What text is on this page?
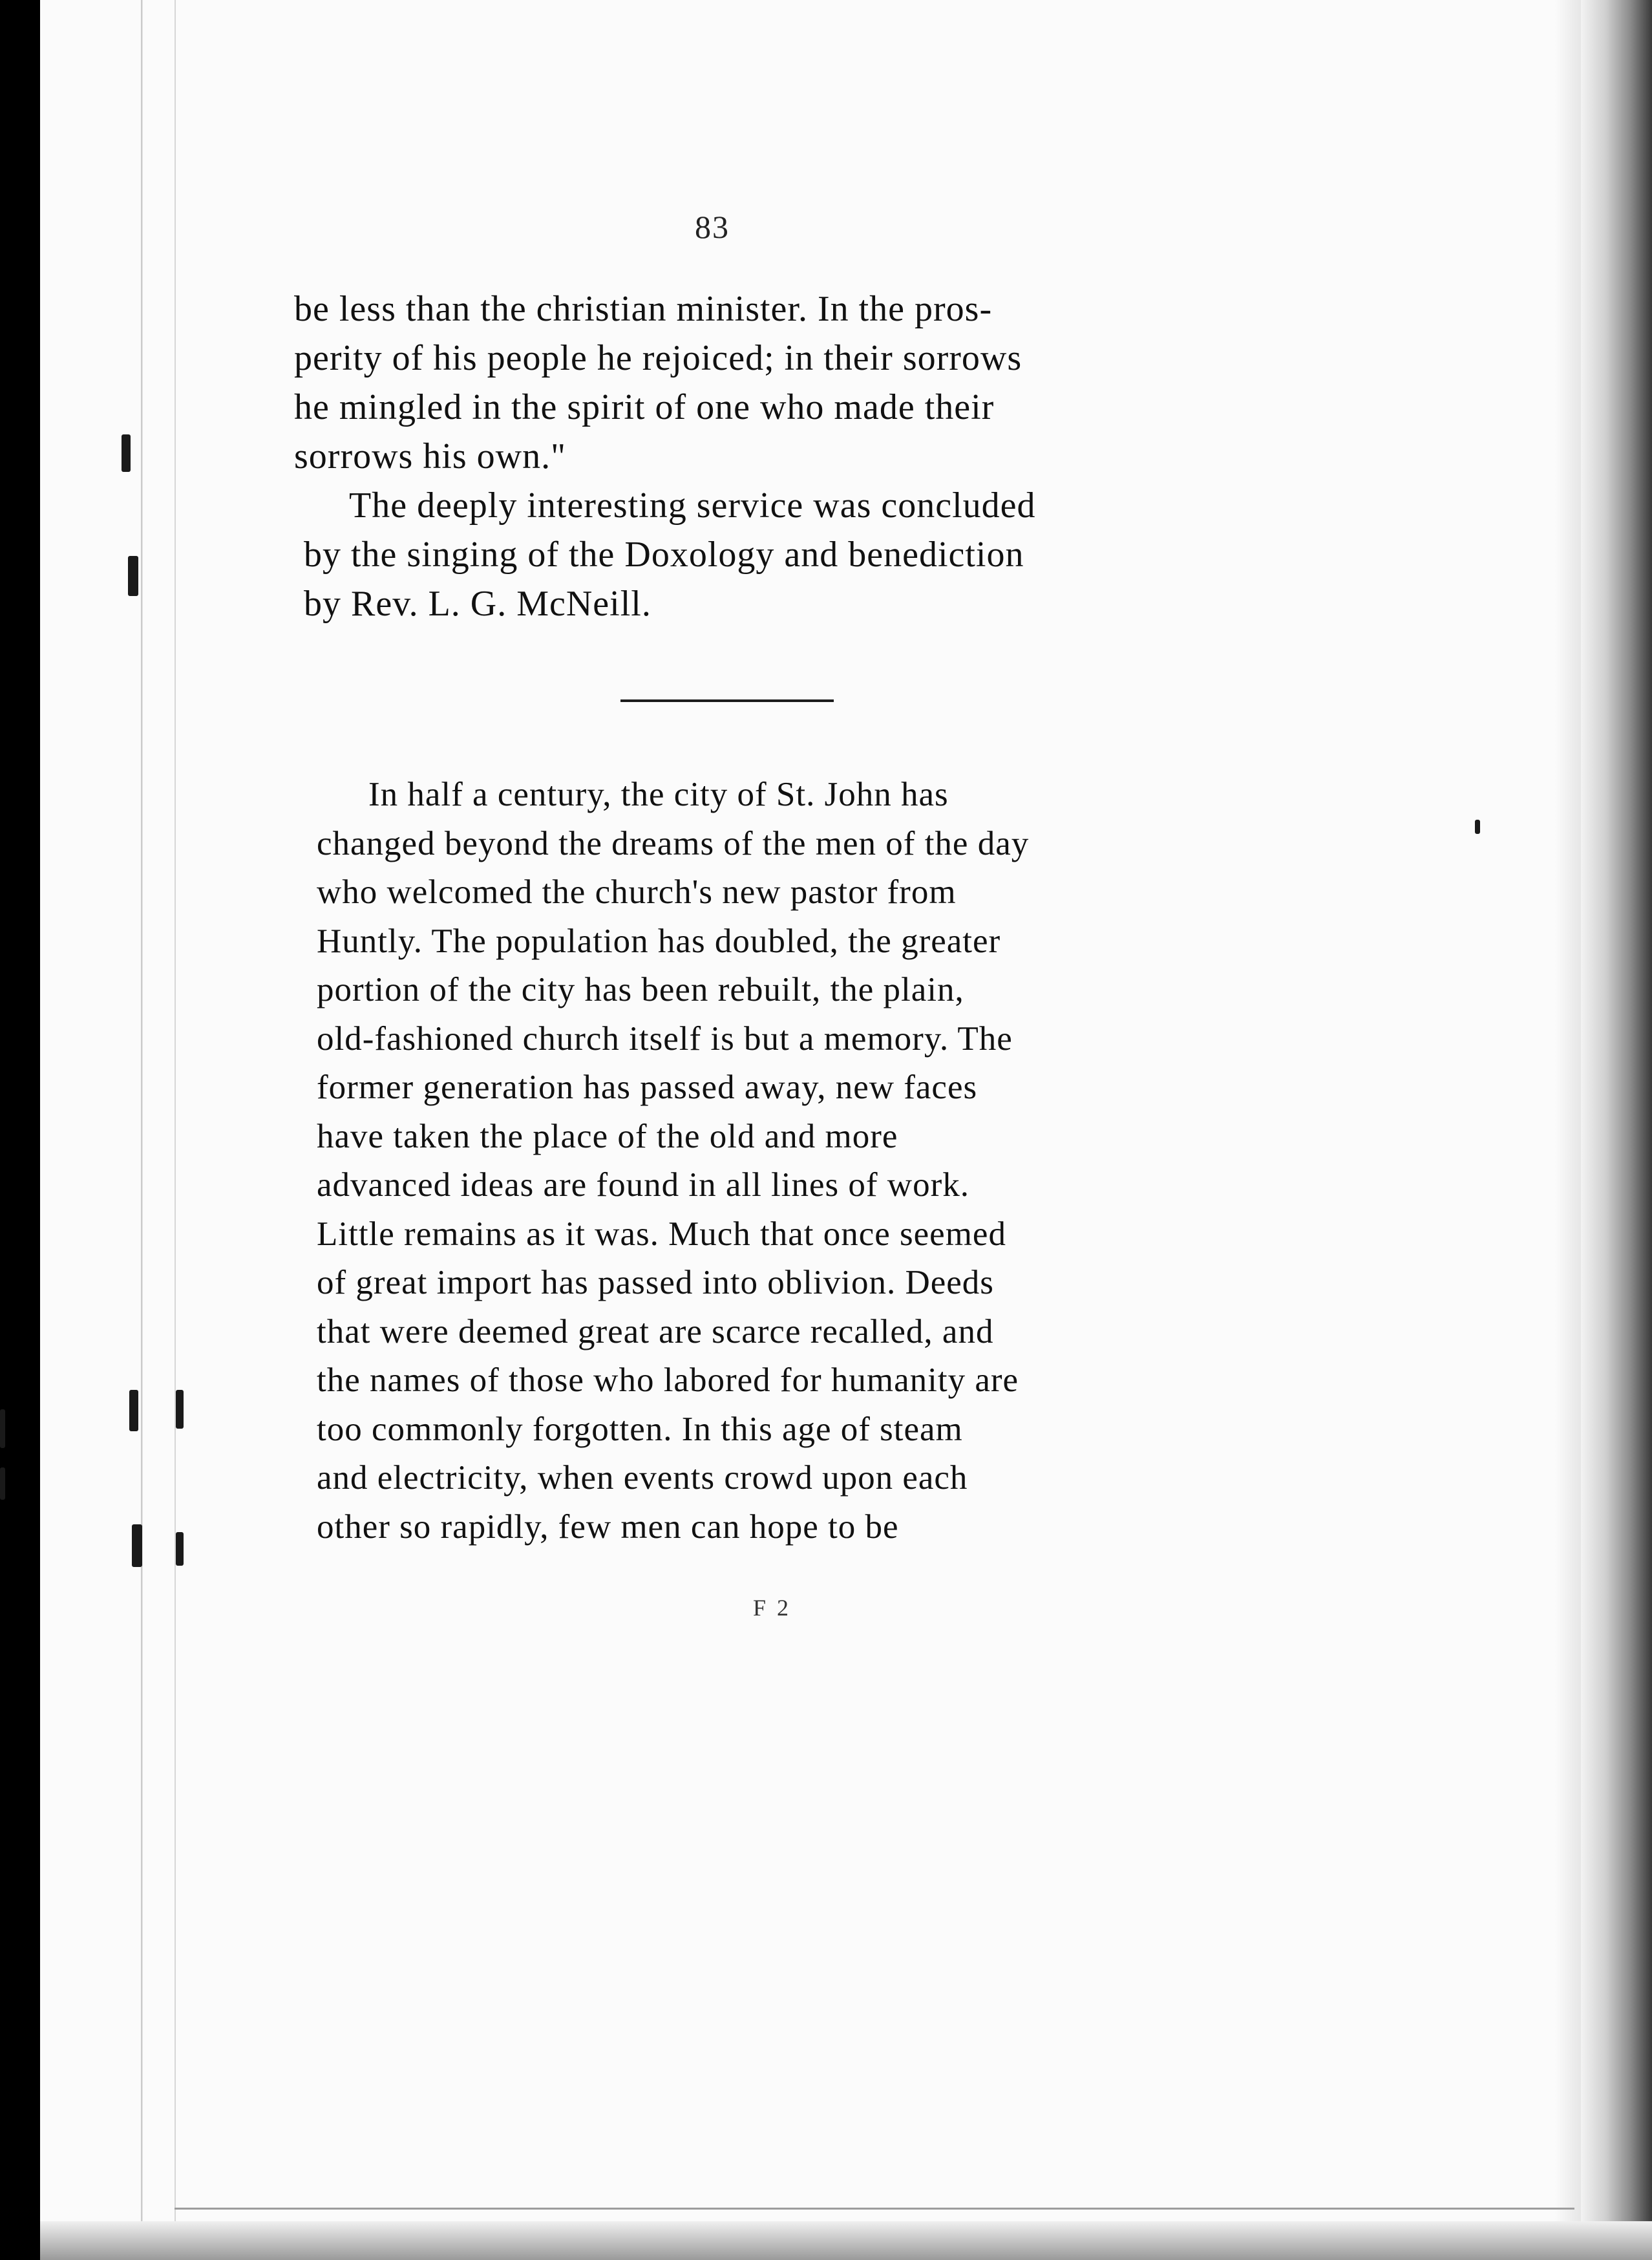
83

be less than the christian minister. In the pros-
perity of his people he rejoiced; in their sorrows
he mingled in the spirit of one who made their
sorrows his own."
The deeply interesting service was concluded
by the singing of the Doxology and benediction
by Rev. L. G. McNeill.
In half a century, the city of St. John has
changed beyond the dreams of the men of the day
who welcomed the church's new pastor from
Huntly. The population has doubled, the greater
portion of the city has been rebuilt, the plain,
old-fashioned church itself is but a memory. The
former generation has passed away, new faces
have taken the place of the old and more
advanced ideas are found in all lines of work.
Little remains as it was. Much that once seemed
of great import has passed into oblivion. Deeds
that were deemed great are scarce recalled, and
the names of those who labored for humanity are
too commonly forgotten. In this age of steam
and electricity, when events crowd upon each
other so rapidly, few men can hope to be

F 2
